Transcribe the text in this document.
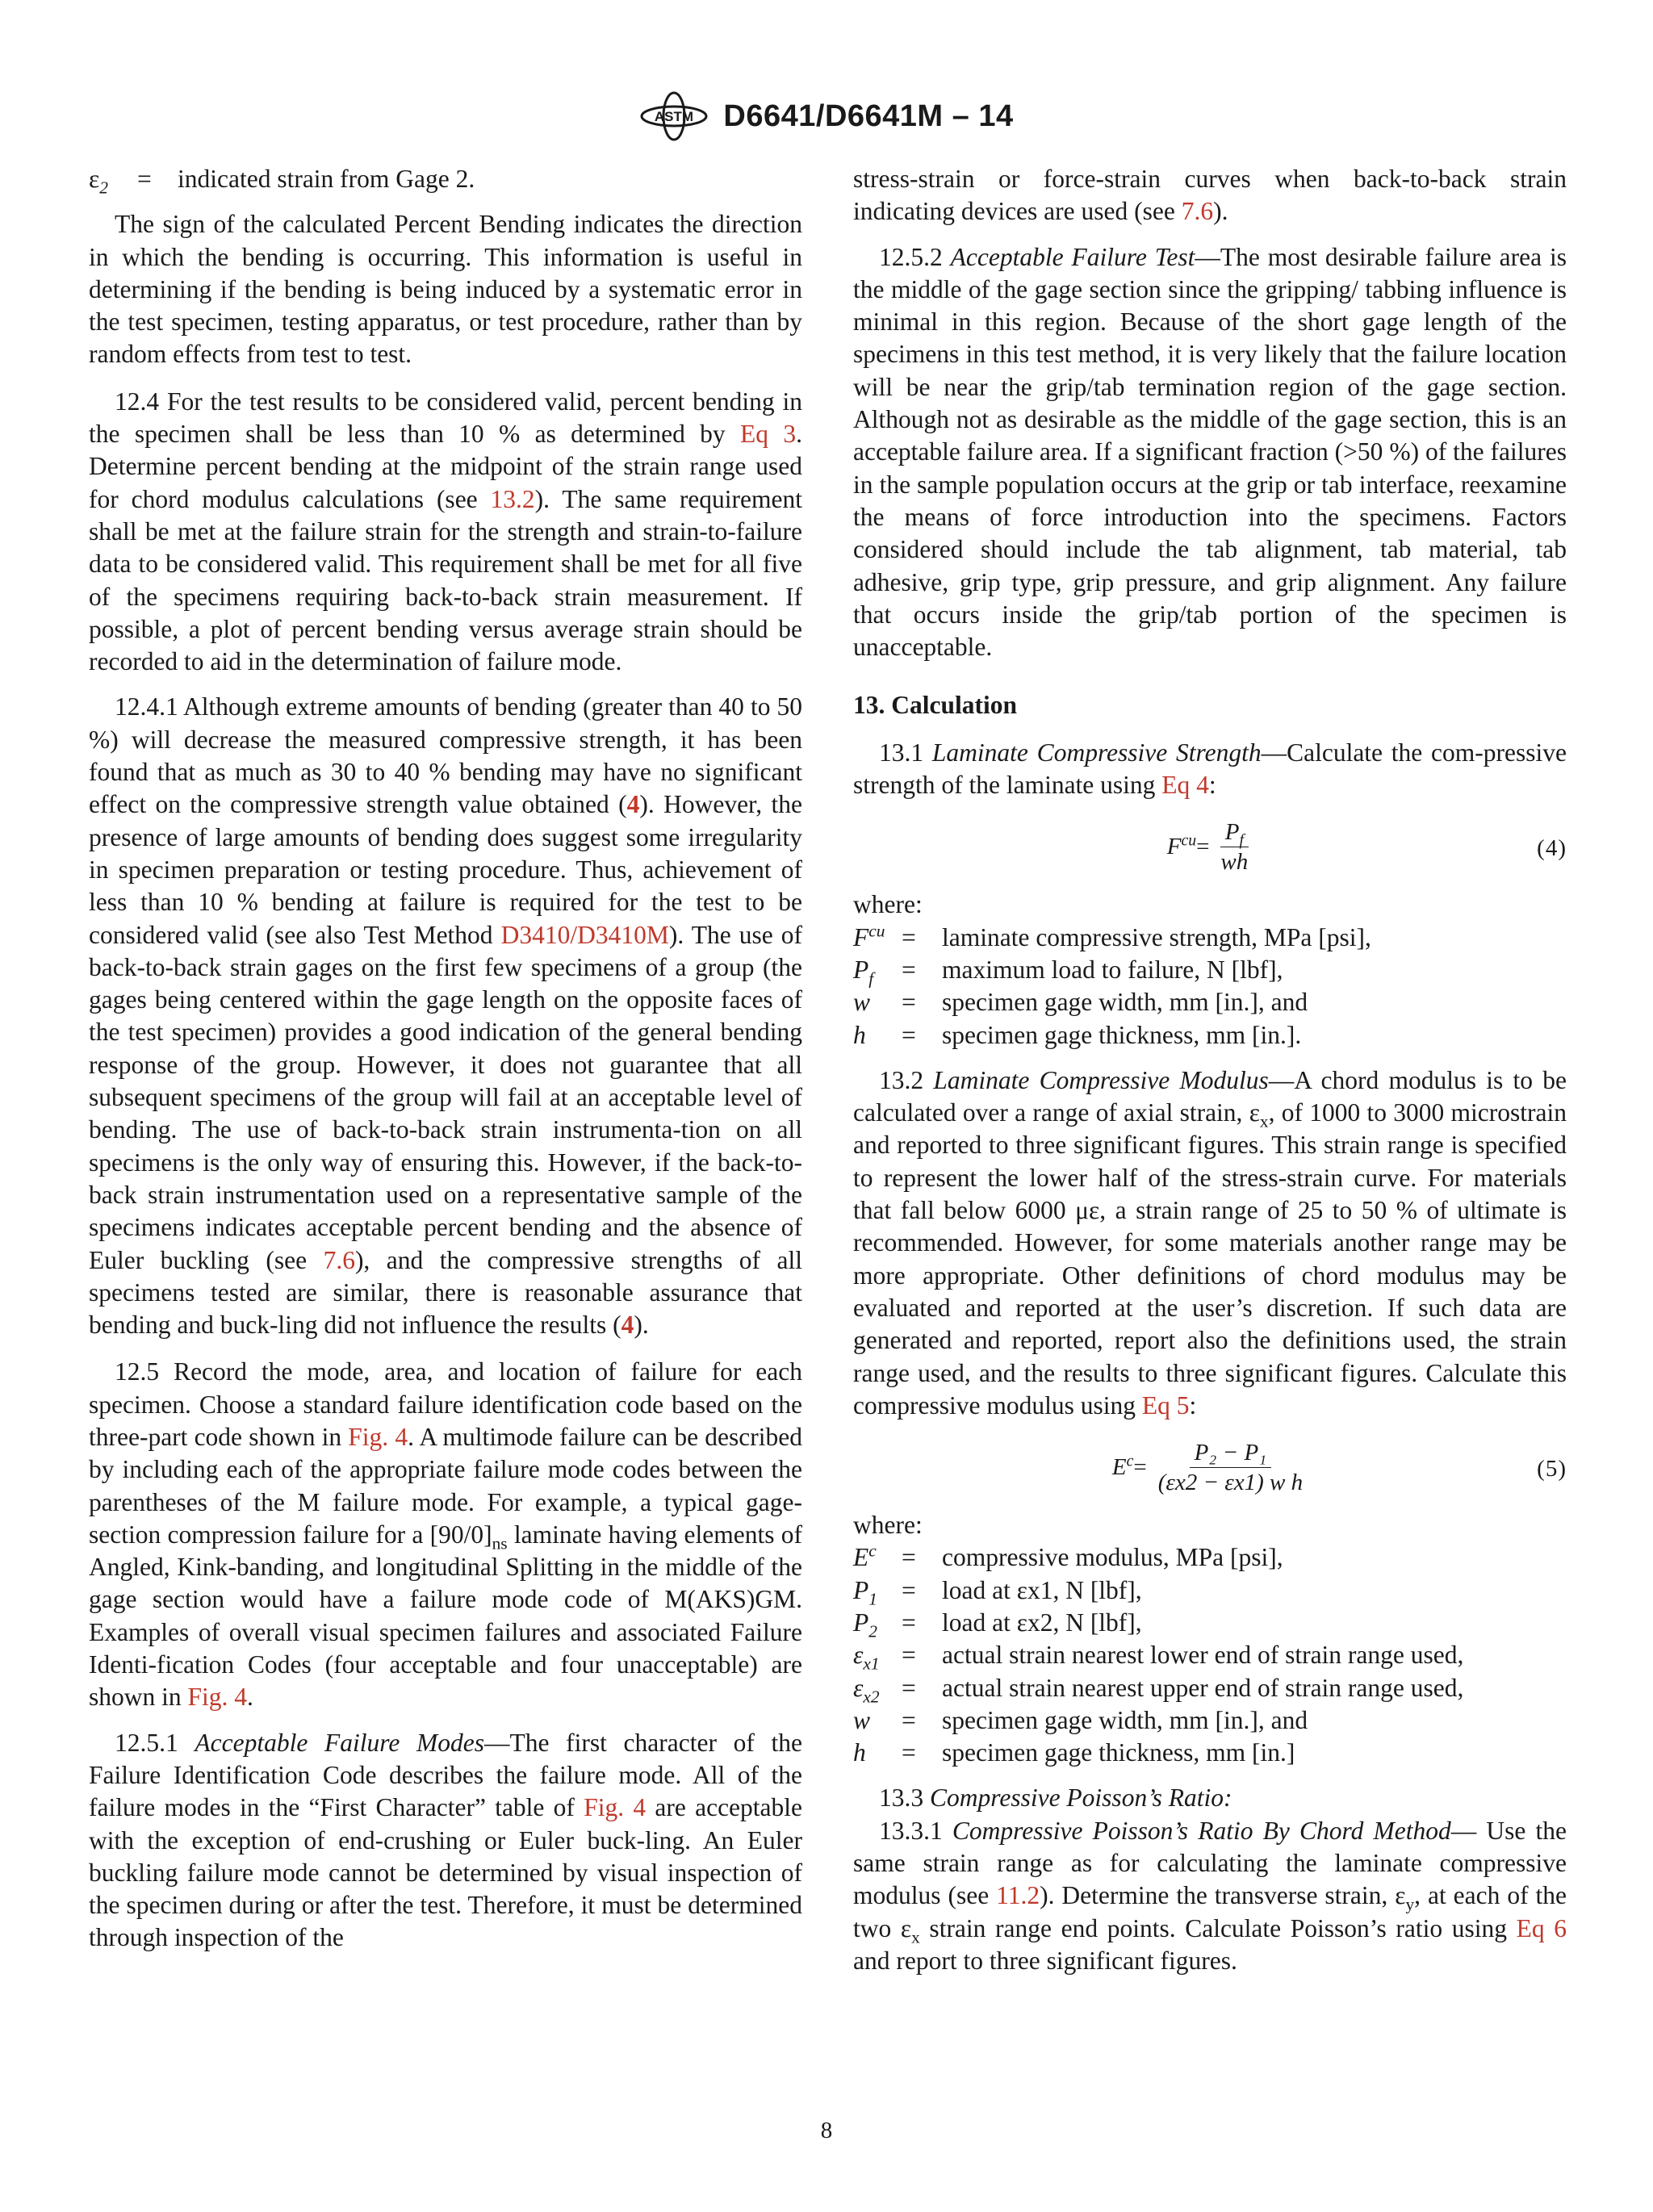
ASTM D6641/D6641M – 14
$\varepsilon_2$	=	indicated strain from Gage 2.

The sign of the calculated Percent Bending indicates the direction in which the bending is occurring. This information is useful in determining if the bending is being induced by a systematic error in the test specimen, testing apparatus, or test procedure, rather than by random effects from test to test.

12.4 For the test results to be considered valid, percent bending in the specimen shall be less than 10 % as determined by Eq 3. Determine percent bending at the midpoint of the strain range used for chord modulus calculations (see 13.2). The same requirement shall be met at the failure strain for the strength and strain-to-failure data to be considered valid. This requirement shall be met for all five of the specimens requiring back-to-back strain measurement. If possible, a plot of percent bending versus average strain should be recorded to aid in the determination of failure mode.

12.4.1 Although extreme amounts of bending (greater than 40 to 50 %) will decrease the measured compressive strength, it has been found that as much as 30 to 40 % bending may have no significant effect on the compressive strength value obtained (4). However, the presence of large amounts of bending does suggest some irregularity in specimen preparation or testing procedure. Thus, achievement of less than 10 % bending at failure is required for the test to be considered valid (see also Test Method D3410/D3410M). The use of back-to-back strain gages on the first few specimens of a group (the gages being centered within the gage length on the opposite faces of the test specimen) provides a good indication of the general bending response of the group. However, it does not guarantee that all subsequent specimens of the group will fail at an acceptable level of bending. The use of back-to-back strain instrumenta-tion on all specimens is the only way of ensuring this. However, if the back-to-back strain instrumentation used on a representative sample of the specimens indicates acceptable percent bending and the absence of Euler buckling (see 7.6), and the compressive strengths of all specimens tested are similar, there is reasonable assurance that bending and buck-ling did not influence the results (4).

12.5 Record the mode, area, and location of failure for each specimen. Choose a standard failure identification code based on the three-part code shown in Fig. 4. A multimode failure can be described by including each of the appropriate failure mode codes between the parentheses of the M failure mode. For example, a typical gage-section compression failure for a $[90/0]_{ns}$ laminate having elements of Angled, Kink-banding, and longitudinal Splitting in the middle of the gage section would have a failure mode code of M(AKS)GM. Examples of overall visual specimen failures and associated Failure Identi-fication Codes (four acceptable and four unacceptable) are shown in Fig. 4.

12.5.1 Acceptable Failure Modes—The first character of the Failure Identification Code describes the failure mode. All of the failure modes in the “First Character” table of Fig. 4 are acceptable with the exception of end-crushing or Euler buck-ling. An Euler buckling failure mode cannot be determined by visual inspection of the specimen during or after the test. Therefore, it must be determined through inspection of the

stress-strain or force-strain curves when back-to-back strain indicating devices are used (see 7.6).

12.5.2 Acceptable Failure Test—The most desirable failure area is the middle of the gage section since the gripping/ tabbing influence is minimal in this region. Because of the short gage length of the specimens in this test method, it is very likely that the failure location will be near the grip/tab termination region of the gage section. Although not as desirable as the middle of the gage section, this is an acceptable failure area. If a significant fraction (>50 %) of the failures in the sample population occurs at the grip or tab interface, reexamine the means of force introduction into the specimens. Factors considered should include the tab alignment, tab material, tab adhesive, grip type, grip pressure, and grip alignment. Any failure that occurs inside the grip/tab portion of the specimen is unacceptable.

13. Calculation

13.1 Laminate Compressive Strength—Calculate the com-pressive strength of the laminate using Eq 4:

$F^{cu} = \frac{P_f}{wh}$	(4)

where:

$F^{cu}$ =	laminate compressive strength, MPa [psi],
$P_f$	=	maximum load to failure, N [lbf],
w	=	specimen gage width, mm [in.], and
h	=	specimen gage thickness, mm [in.].

13.2 Laminate Compressive Modulus—A chord modulus is to be calculated over a range of axial strain, $\varepsilon_x$, of 1000 to 3000 microstrain and reported to three significant figures. This strain range is specified to represent the lower half of the stress-strain curve. For materials that fall below 6000 με, a strain range of 25 to 50 % of ultimate is recommended. However, for some materials another range may be more appropriate. Other definitions of chord modulus may be evaluated and reported at the user’s discretion. If such data are generated and reported, report also the definitions used, the strain range used, and the results to three significant figures. Calculate this compressive modulus using Eq 5:

$E^c = \frac{\text{P₂ − P₁}}{\text{(εx2 − εx1) w h}}$	(5)

where:

$E^c$ =	compressive modulus, MPa [psi],
$P_1$ =	load at εx1, N [lbf],
$P_2$ =	load at εx2, N [lbf],
$\varepsilon_{x1}$ =	actual strain nearest lower end of strain range used,
$\varepsilon_{x2}$ =	actual strain nearest upper end of strain range used,
w	=	specimen gage width, mm [in.], and
h	=	specimen gage thickness, mm [in.]

13.3 Compressive Poisson’s Ratio:

13.3.1 Compressive Poisson’s Ratio By Chord Method— Use the same strain range as for calculating the laminate compressive modulus (see 11.2). Determine the transverse strain, $\varepsilon_y$, at each of the two $\varepsilon_x$ strain range end points. Calculate Poisson’s ratio using Eq 6 and report to three significant figures.

8
